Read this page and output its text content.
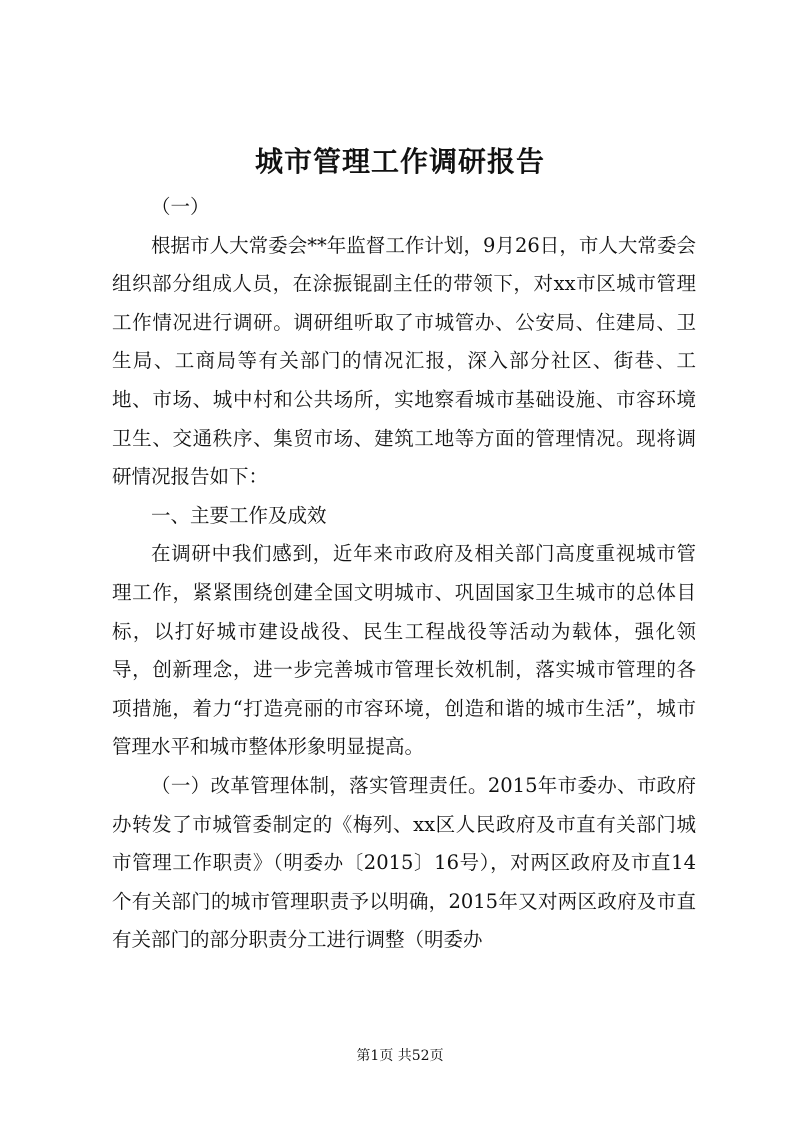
城市管理工作调研报告

（一）

根据市人大常委会**年监督工作计划，9月26日，市人大常委会组织部分组成人员，在涂振锟副主任的带领下，对xx市区城市管理工作情况进行调研。调研组听取了市城管办、公安局、住建局、卫生局、工商局等有关部门的情况汇报，深入部分社区、街巷、工地、市场、城中村和公共场所，实地察看城市基础设施、市容环境卫生、交通秩序、集贸市场、建筑工地等方面的管理情况。现将调研情况报告如下：

一、主要工作及成效

在调研中我们感到，近年来市政府及相关部门高度重视城市管理工作，紧紧围绕创建全国文明城市、巩固国家卫生城市的总体目标，以打好城市建设战役、民生工程战役等活动为载体，强化领导，创新理念，进一步完善城市管理长效机制，落实城市管理的各项措施，着力“打造亮丽的市容环境，创造和谐的城市生活”，城市管理水平和城市整体形象明显提高。

（一）改革管理体制，落实管理责任。2015年市委办、市政府办转发了市城管委制定的《梅列、xx区人民政府及市直有关部门城市管理工作职责》（明委办〔2015〕16号），对两区政府及市直14个有关部门的城市管理职责予以明确，2015年又对两区政府及市直有关部门的部分职责分工进行调整（明委办

第1页 共52页
